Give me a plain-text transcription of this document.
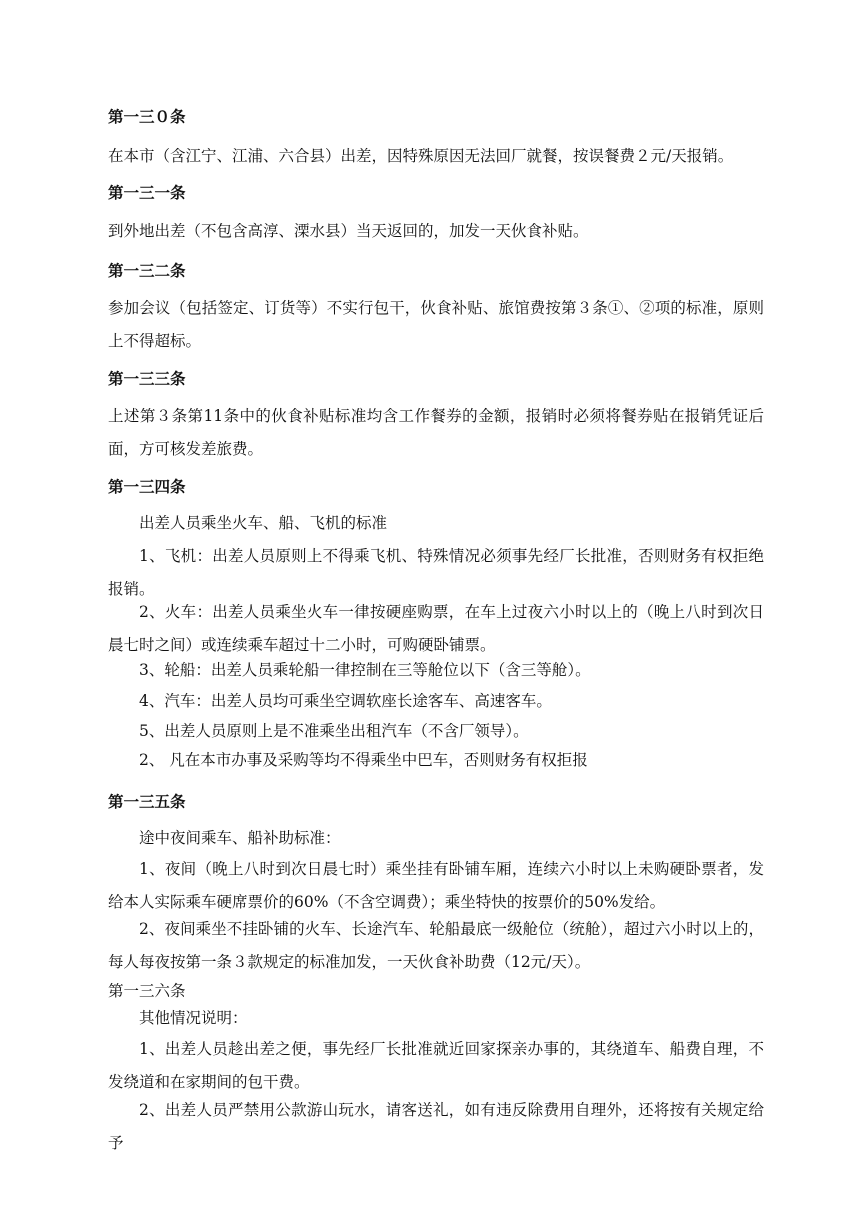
第一三０条
在本市（含江宁、江浦、六合县）出差，因特殊原因无法回厂就餐，按误餐费２元/天报销。
第一三一条
到外地出差（不包含高淳、溧水县）当天返回的，加发一天伙食补贴。
第一三二条
参加会议（包括签定、订货等）不实行包干，伙食补贴、旅馆费按第３条①、②项的标准，原则上不得超标。
第一三三条
上述第３条第11条中的伙食补贴标准均含工作餐券的金额，报销时必须将餐券贴在报销凭证后面，方可核发差旅费。
第一三四条
出差人员乘坐火车、船、飞机的标准
1、飞机：出差人员原则上不得乘飞机、特殊情况必须事先经厂长批准，否则财务有权拒绝报销。
2、火车：出差人员乘坐火车一律按硬座购票，在车上过夜六小时以上的（晚上八时到次日晨七时之间）或连续乘车超过十二小时，可购硬卧铺票。
3、轮船：出差人员乘轮船一律控制在三等舱位以下（含三等舱）。
4、汽车：出差人员均可乘坐空调软座长途客车、高速客车。
5、出差人员原则上是不准乘坐出租汽车（不含厂领导）。
2、 凡在本市办事及采购等均不得乘坐中巴车，否则财务有权拒报
第一三五条
途中夜间乘车、船补助标准：
1、夜间（晚上八时到次日晨七时）乘坐挂有卧铺车厢，连续六小时以上未购硬卧票者，发给本人实际乘车硬席票价的60%（不含空调费）；乘坐特快的按票价的50%发给。
2、夜间乘坐不挂卧铺的火车、长途汽车、轮船最底一级舱位（统舱），超过六小时以上的，每人每夜按第一条３款规定的标准加发，一天伙食补助费（12元/天）。
第一三六条
其他情况说明：
1、出差人员趁出差之便，事先经厂长批准就近回家探亲办事的，其绕道车、船费自理，不发绕道和在家期间的包干费。
2、出差人员严禁用公款游山玩水，请客送礼，如有违反除费用自理外，还将按有关规定给予
